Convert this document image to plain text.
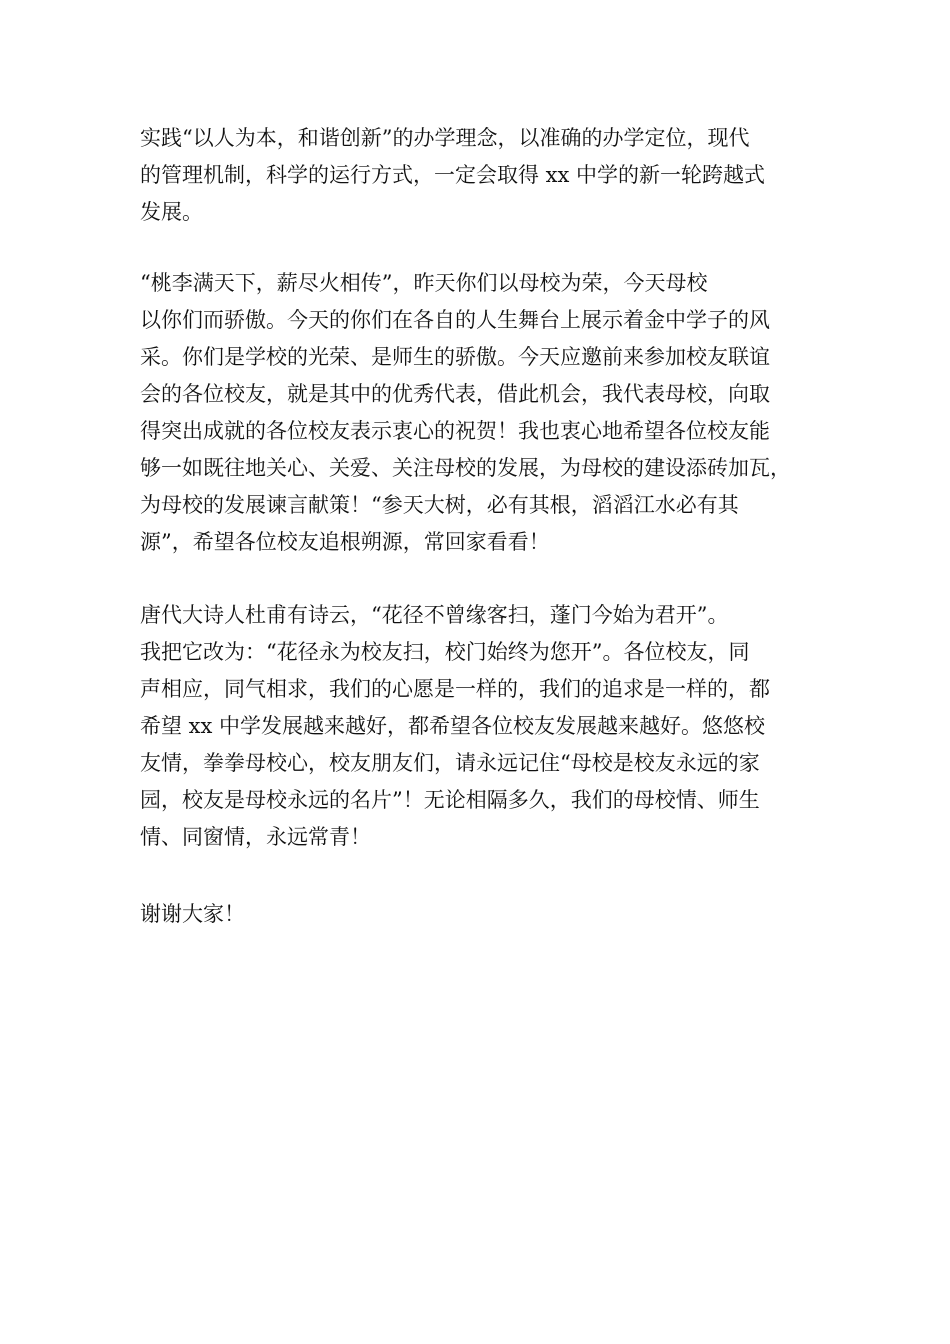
实践“以人为本，和谐创新”的办学理念，以准确的办学定位，现代
的管理机制，科学的运行方式，一定会取得 xx 中学的新一轮跨越式
发展。
“桃李满天下，薪尽火相传”，昨天你们以母校为荣，今天母校
以你们而骄傲。今天的你们在各自的人生舞台上展示着金中学子的风
采。你们是学校的光荣、是师生的骄傲。今天应邀前来参加校友联谊
会的各位校友，就是其中的优秀代表，借此机会，我代表母校，向取
得突出成就的各位校友表示衷心的祝贺！我也衷心地希望各位校友能
够一如既往地关心、关爱、关注母校的发展，为母校的建设添砖加瓦，
为母校的发展谏言献策！“参天大树，必有其根，滔滔江水必有其
源”，希望各位校友追根朔源，常回家看看！
唐代大诗人杜甫有诗云，“花径不曾缘客扫，蓬门今始为君开”。
我把它改为：“花径永为校友扫，校门始终为您开”。各位校友，同
声相应，同气相求，我们的心愿是一样的，我们的追求是一样的，都
希望 xx 中学发展越来越好，都希望各位校友发展越来越好。悠悠校
友情，拳拳母校心，校友朋友们，请永远记住“母校是校友永远的家
园，校友是母校永远的名片”！无论相隔多久，我们的母校情、师生
情、同窗情，永远常青！
谢谢大家！
